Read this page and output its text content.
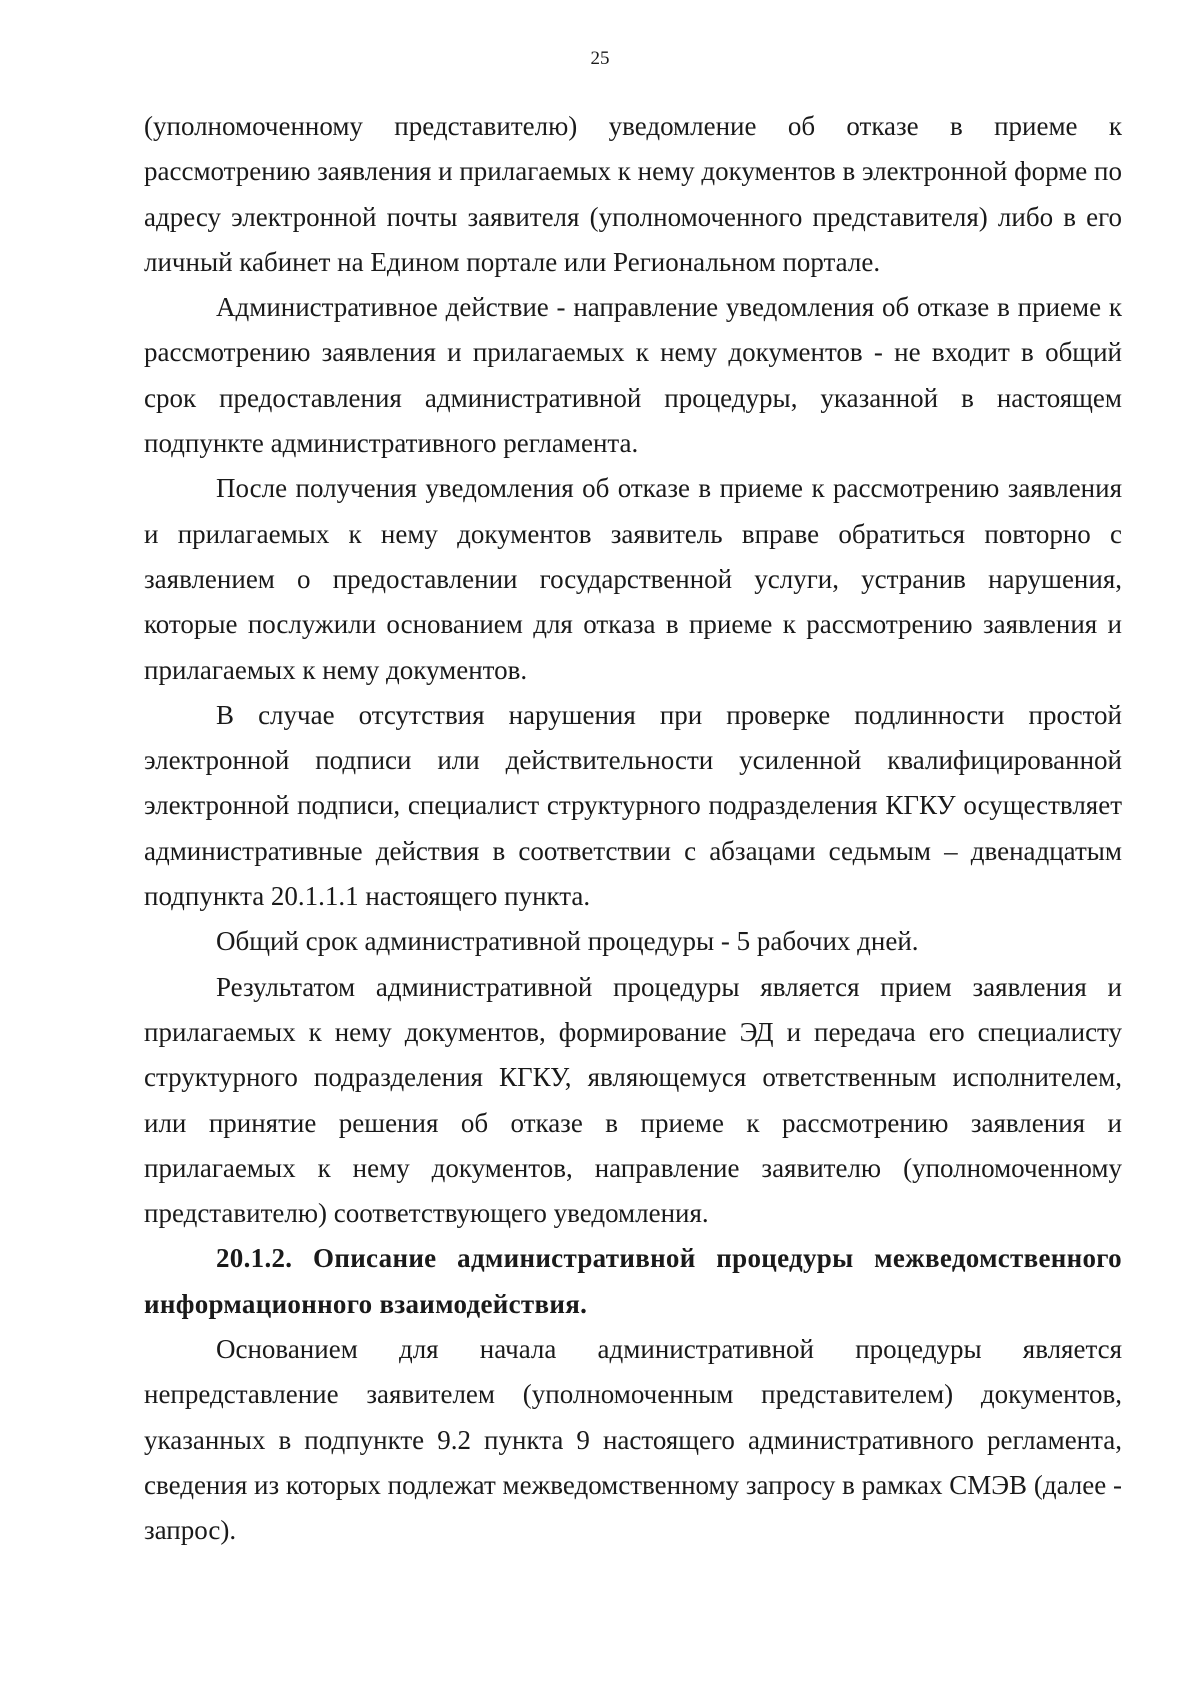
25

(уполномоченному представителю) уведомление об отказе в приеме к рассмотрению заявления и прилагаемых к нему документов в электронной форме по адресу электронной почты заявителя (уполномоченного представителя) либо в его личный кабинет на Едином портале или Региональном портале.

Административное действие - направление уведомления об отказе в приеме к рассмотрению заявления и прилагаемых к нему документов - не входит в общий срок предоставления административной процедуры, указанной в настоящем подпункте административного регламента.

После получения уведомления об отказе в приеме к рассмотрению заявления и прилагаемых к нему документов заявитель вправе обратиться повторно с заявлением о предоставлении государственной услуги, устранив нарушения, которые послужили основанием для отказа в приеме к рассмотрению заявления и прилагаемых к нему документов.

В случае отсутствия нарушения при проверке подлинности простой электронной подписи или действительности усиленной квалифицированной электронной подписи, специалист структурного подразделения КГКУ осуществляет административные действия в соответствии с абзацами седьмым – двенадцатым подпункта 20.1.1.1 настоящего пункта.

Общий срок административной процедуры - 5 рабочих дней.

Результатом административной процедуры является прием заявления и прилагаемых к нему документов, формирование ЭД и передача его специалисту структурного подразделения КГКУ, являющемуся ответственным исполнителем, или принятие решения об отказе в приеме к рассмотрению заявления и прилагаемых к нему документов, направление заявителю (уполномоченному представителю) соответствующего уведомления.

20.1.2. Описание административной процедуры межведомственного информационного взаимодействия.

Основанием для начала административной процедуры является непредставление заявителем (уполномоченным представителем) документов, указанных в подпункте 9.2 пункта 9 настоящего административного регламента, сведения из которых подлежат межведомственному запросу в рамках СМЭВ (далее - запрос).
